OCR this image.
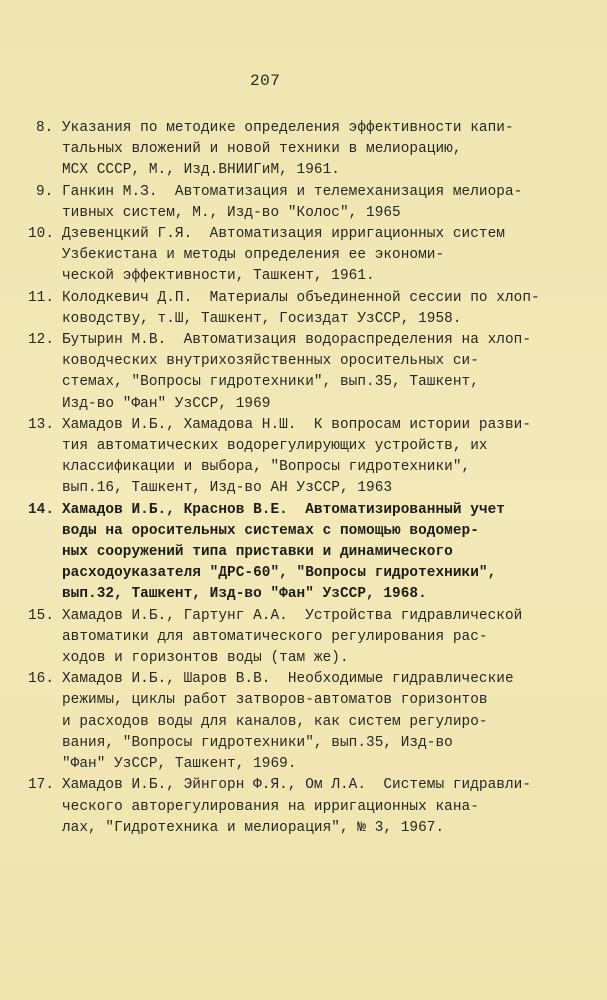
207
8. Указания по методике определения эффективности капи-
тальных вложений и новой техники в мелиорацию,
МСХ СССР, М., Изд.ВНИИГиМ, 1961.
9. Ганкин М.З.  Автоматизация и телемеханизация мелиора-
тивных систем, М., Изд-во "Колос", 1965
10. Дзевенцкий Г.Я.  Автоматизация ирригационных систем
Узбекистана и методы определения ее экономи-
ческой эффективности, Ташкент, 1961.
11. Колодкевич Д.П.  Материалы объединенной сессии по хлоп-
ководству, т.Ш, Ташкент, Госиздат УзССР, 1958.
12. Бутырин М.В.  Автоматизация водораспределения на хлоп-
ководческих внутрихозяйственных оросительных си-
стемах, "Вопросы гидротехники", вып.35, Ташкент,
Изд-во "Фан" УзССР, 1969
13. Хамадов И.Б., Хамадова Н.Ш.  К вопросам истории разви-
тия автоматических водорегулирующих устройств, их
классификации и выбора, "Вопросы гидротехники",
вып.16, Ташкент, Изд-во АН УзССР, 1963
14. Хамадов И.Б., Краснов В.Е.  Автоматизированный учет
воды на оросительных системах с помощью водомер-
ных сооружений типа приставки и динамического
расходоуказателя "ДРС-60", "Вопросы гидротехники",
вып.32, Ташкент, Изд-во "Фан" УзССР, 1968.
15. Хамадов И.Б., Гартунг А.А.  Устройства гидравлической
автоматики для автоматического регулирования рас-
ходов и горизонтов воды (там же).
16. Хамадов И.Б., Шаров В.В.  Необходимые гидравлические
режимы, циклы работ затворов-автоматов горизонтов
и расходов воды для каналов, как систем регулиро-
вания, "Вопросы гидротехники", вып.35, Изд-во
"Фан" УзССР, Ташкент, 1969.
17. Хамадов И.Б., Эйнгорн Ф.Я., Ом Л.А.  Системы гидравли-
ческого авторегулирования на ирригационных кана-
лах, "Гидротехника и мелиорация", № 3, 1967.
